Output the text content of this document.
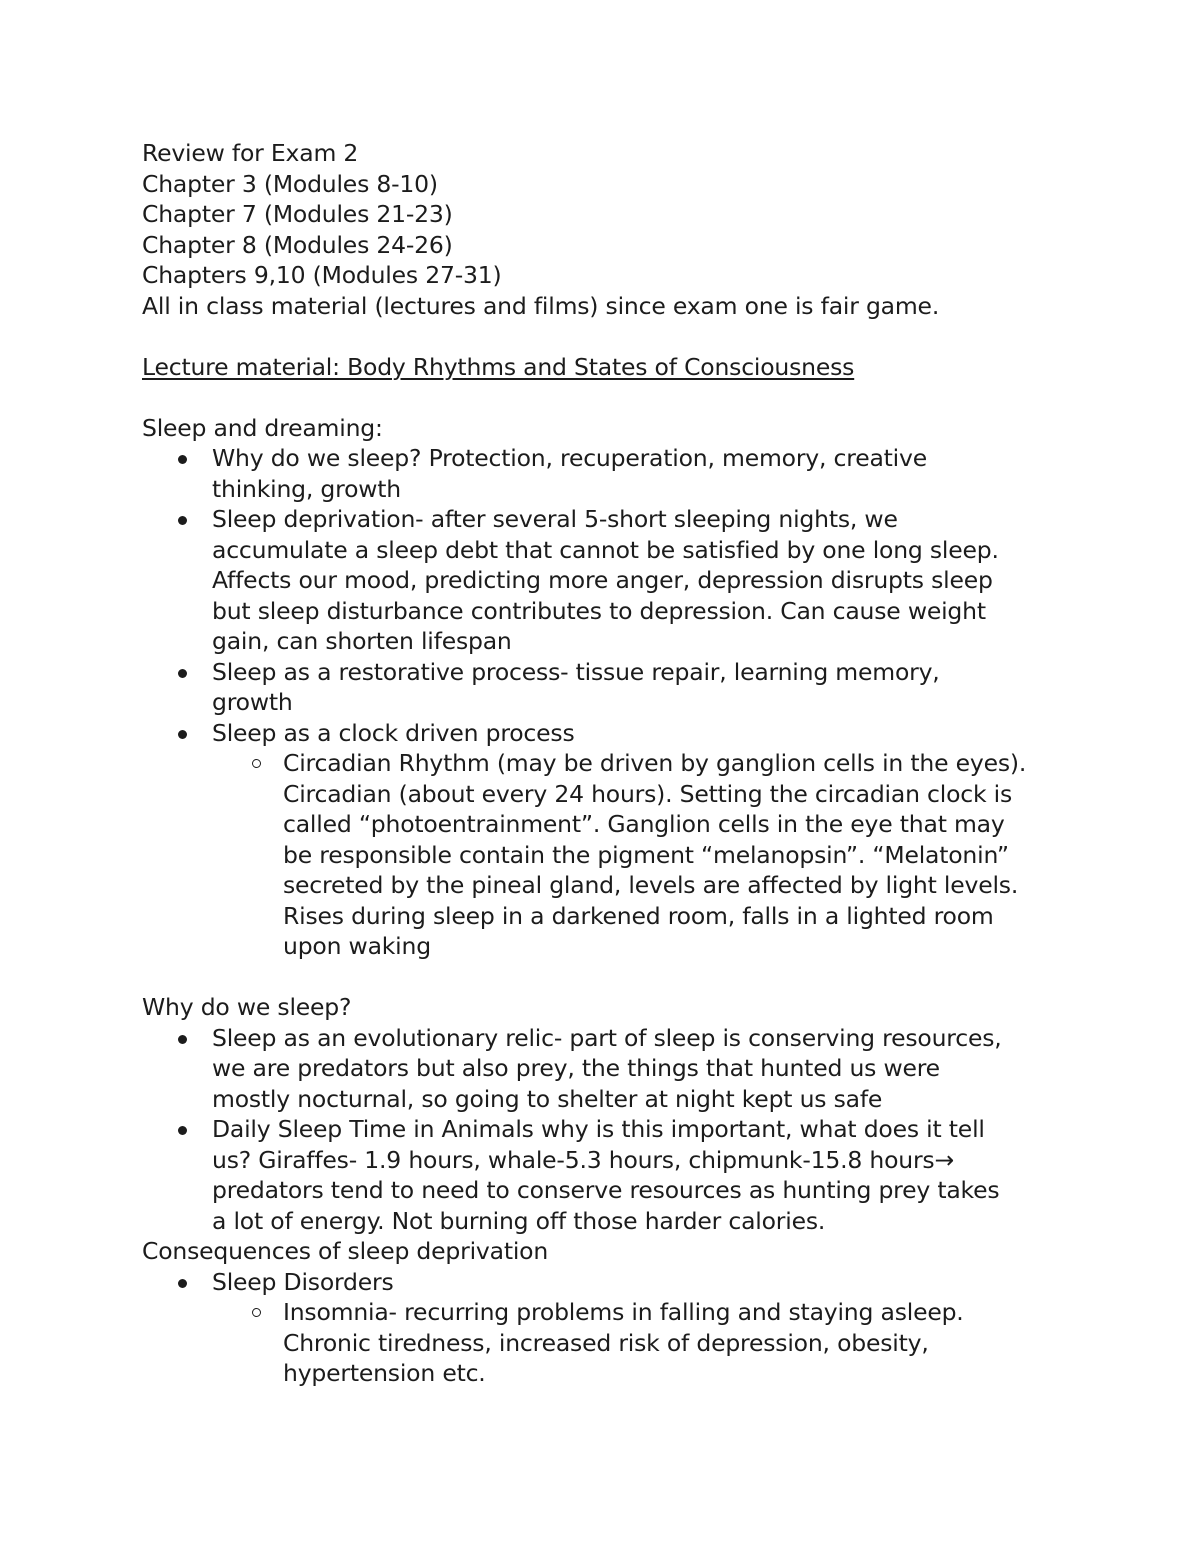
Review for Exam 2
Chapter 3 (Modules 8-10)
Chapter 7 (Modules 21-23)
Chapter 8 (Modules 24-26)
Chapters 9,10 (Modules 27-31)
All in class material (lectures and films) since exam one is fair game.
Lecture material: Body Rhythms and States of Consciousness
Sleep and dreaming:
Why do we sleep? Protection, recuperation, memory, creative
thinking, growth
Sleep deprivation- after several 5-short sleeping nights, we
accumulate a sleep debt that cannot be satisfied by one long sleep.
Affects our mood, predicting more anger, depression disrupts sleep
but sleep disturbance contributes to depression. Can cause weight
gain, can shorten lifespan
Sleep as a restorative process- tissue repair, learning memory,
growth
Sleep as a clock driven process
Circadian Rhythm (may be driven by ganglion cells in the eyes).
Circadian (about every 24 hours). Setting the circadian clock is
called “photoentrainment”. Ganglion cells in the eye that may
be responsible contain the pigment “melanopsin”. “Melatonin”
secreted by the pineal gland, levels are affected by light levels.
Rises during sleep in a darkened room, falls in a lighted room
upon waking
Why do we sleep?
Sleep as an evolutionary relic- part of sleep is conserving resources,
we are predators but also prey, the things that hunted us were
mostly nocturnal, so going to shelter at night kept us safe
Daily Sleep Time in Animals why is this important, what does it tell
us? Giraffes- 1.9 hours, whale-5.3 hours, chipmunk-15.8 hours→
predators tend to need to conserve resources as hunting prey takes
a lot of energy. Not burning off those harder calories.
Consequences of sleep deprivation
Sleep Disorders
Insomnia- recurring problems in falling and staying asleep.
Chronic tiredness, increased risk of depression, obesity,
hypertension etc.
